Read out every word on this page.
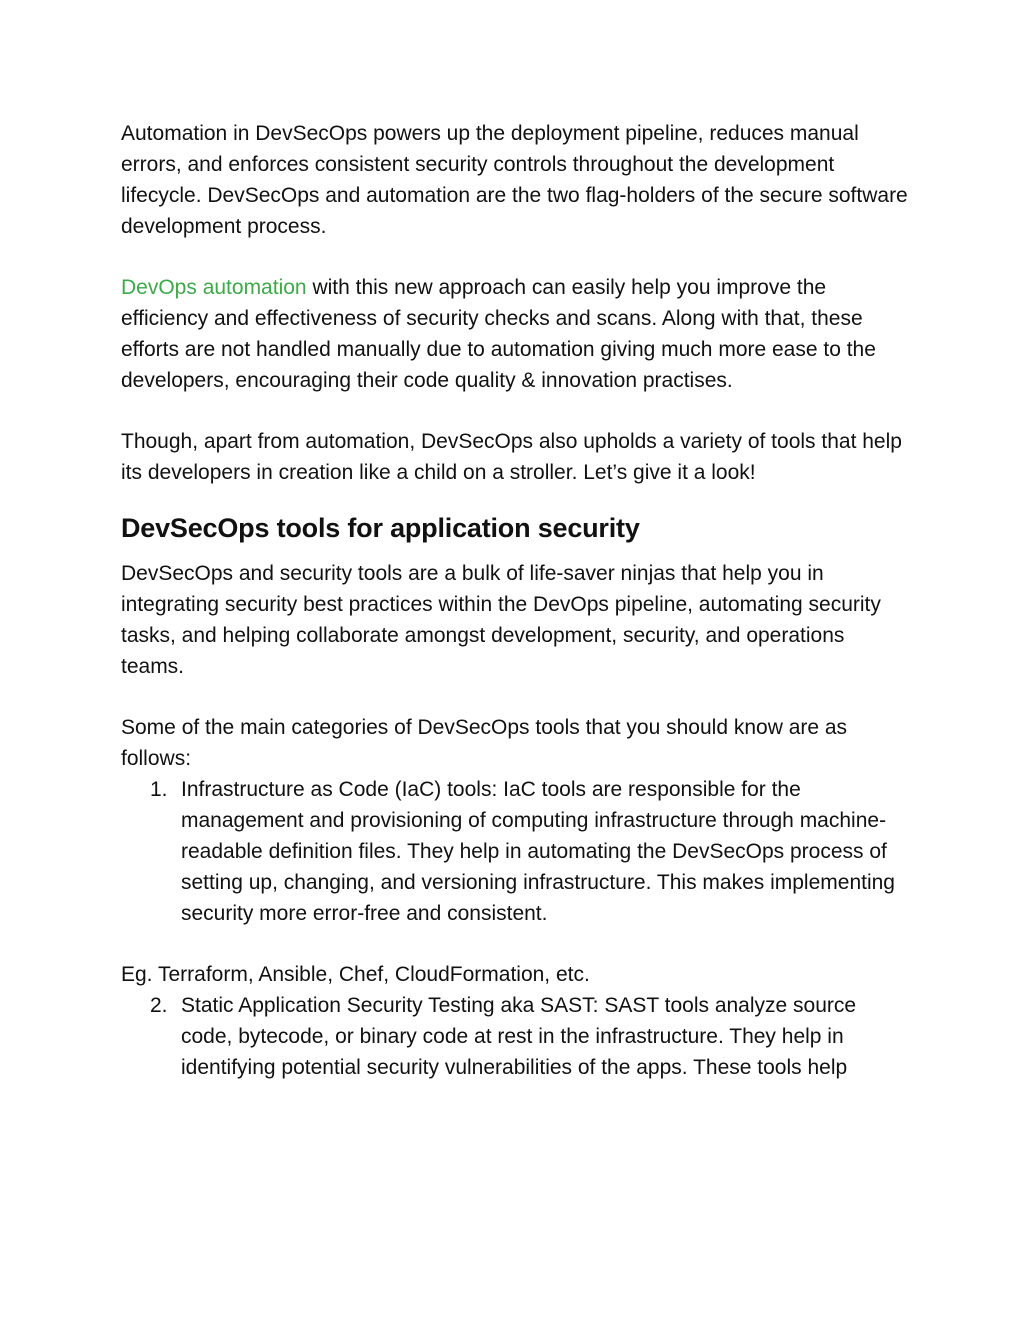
Automation in DevSecOps powers up the deployment pipeline, reduces manual errors, and enforces consistent security controls throughout the development lifecycle. DevSecOps and automation are the two flag-holders of the secure software development process.

DevOps automation with this new approach can easily help you improve the efficiency and effectiveness of security checks and scans. Along with that, these efforts are not handled manually due to automation giving much more ease to the developers, encouraging their code quality & innovation practises.

Though, apart from automation, DevSecOps also upholds a variety of tools that help its developers in creation like a child on a stroller. Let’s give it a look!

DevSecOps tools for application security

DevSecOps and security tools are a bulk of life-saver ninjas that help you in integrating security best practices within the DevOps pipeline, automating security tasks, and helping collaborate amongst development, security, and operations teams.

Some of the main categories of DevSecOps tools that you should know are as follows:

1. Infrastructure as Code (IaC) tools: IaC tools are responsible for the management and provisioning of computing infrastructure through machine-readable definition files. They help in automating the DevSecOps process of setting up, changing, and versioning infrastructure. This makes implementing security more error-free and consistent.

Eg. Terraform, Ansible, Chef, CloudFormation, etc.

2. Static Application Security Testing aka SAST: SAST tools analyze source code, bytecode, or binary code at rest in the infrastructure. They help in identifying potential security vulnerabilities of the apps. These tools help
